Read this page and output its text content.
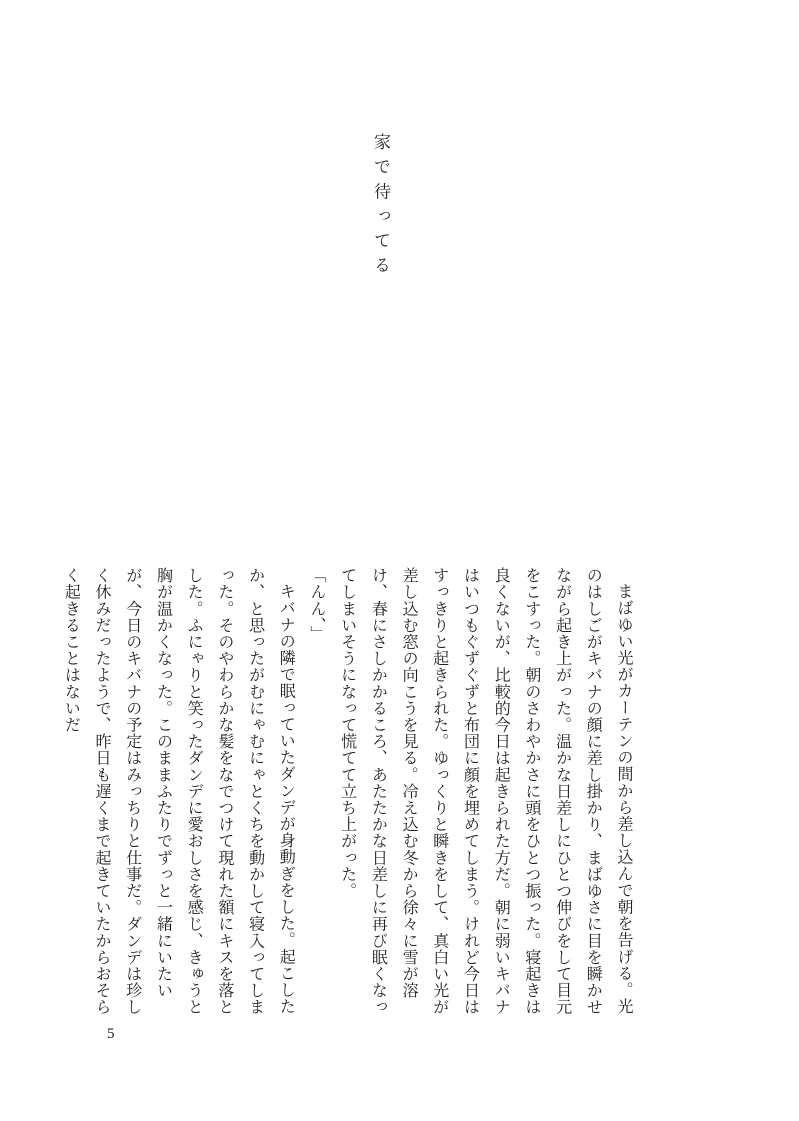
家で待ってる

まばゆい光がカーテンの間から差し込んで朝を告げる。光のはしごがキバナの顔に差し掛かり、まばゆさに目を瞬かせながら起き上がった。温かな日差しにひとつ伸びをして目元をこすった。朝のさわやかさに頭をひとつ振った。寝起きは良くないが、比較的今日は起きられた方だ。朝に弱いキバナはいつもぐずぐずと布団に顔を埋めてしまう。けれど今日はすっきりと起きられた。ゆっくりと瞬きをして、真白い光が差し込む窓の向こうを見る。冷え込む冬から徐々に雪が溶け、春にさしかかるころ、あたたかな日差しに再び眠くなってしまいそうになって慌てて立ち上がった。

「んん、」

キバナの隣で眠っていたダンデが身動ぎをした。起こしたか、と思ったがむにゃむにゃとくちを動かして寝入ってしまった。そのやわらかな髪をなでつけて現れた額にキスを落とした。ふにゃりと笑ったダンデに愛おしさを感じ、きゅうと胸が温かくなった。このままふたりでずっと一緒にいたいが、今日のキバナの予定はみっちりと仕事だ。ダンデは珍しく休みだったようで、昨日も遅くまで起きていたからおそらく起きることはないだ

5
